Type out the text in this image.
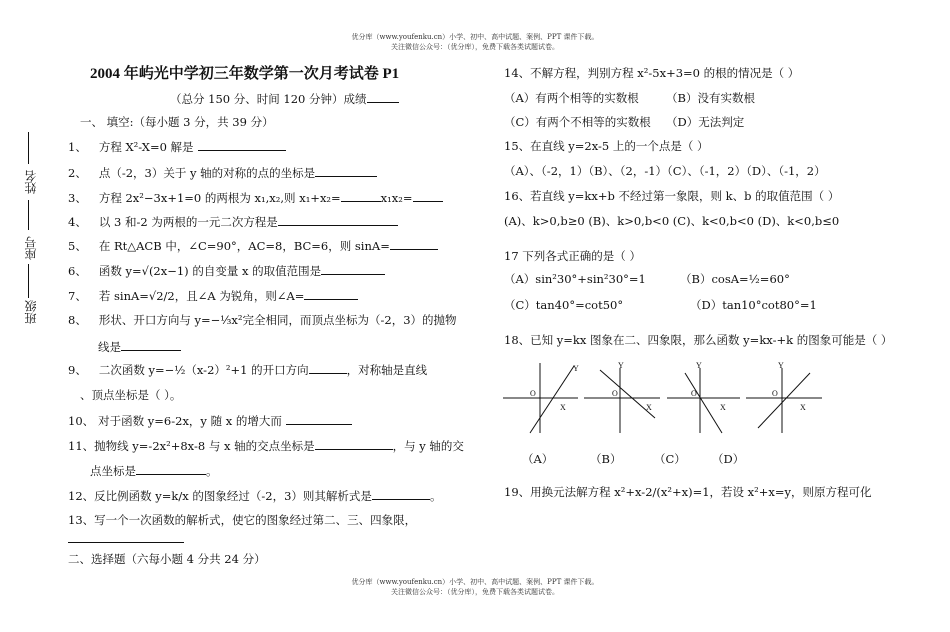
优分库（www.youfenku.cn）小学、初中、高中试题、案例、PPT 课件下载。
关注微信公众号：（优分库），免费下载各类试题试卷。
优分库（www.youfenku.cn）小学、初中、高中试题、案例、PPT 课件下载。
关注微信公众号：（优分库），免费下载各类试题试卷。
姓名
座号
班级
2004 年屿光中学初三年数学第一次月考试卷 P1
（总分 150 分、时间 120 分钟）成绩
一、 填空:（每小题 3 分，共 39 分）
1、 方程 X²-X=0 解是
2、 点（-2，3）关于 y 轴的对称的点的坐标是
3、 方程 2x²−3x+1=0 的两根为 x₁,x₂,则 x₁+x₂=	x₁x₂=
4、 以 3 和-2 为两根的一元二次方程是
5、 在 Rt△ACB 中，∠C=90°，AC=8，BC=6，则 sinA=
6、 函数 y=√(2x−1) 的自变量 x 的取值范围是
7、 若 sinA=√2/2，且∠A 为锐角，则∠A=
8、 形状、开口方向与 y=−⅓x²完全相同，而顶点坐标为（-2，3）的抛物
线是
9、 二次函数 y=−½（x-2）²+1 的开口方向	，对称轴是直线
、顶点坐标是（ ）。
10、 对于函数 y=6-2x，y 随 x 的增大而
11、抛物线 y=-2x²+8x-8 与 x 轴的交点坐标是	，与 y 轴的交
点坐标是	。
12、反比例函数 y=k/x 的图象经过（-2，3）则其解析式是	。
13、写一个一次函数的解析式，使它的图象经过第二、三、四象限，
二、选择题（六每小题 4 分共 24 分）
14、不解方程，判别方程 x²-5x+3=0 的根的情况是（ ）
（A）有两个相等的实数根 （B）没有实数根
（C）有两个不相等的实数根 （D）无法判定
15、在直线 y=2x-5 上的一个点是（ ）
（A）、（-2，1）（B）、（2，-1）（C）、（-1，2）（D）、（-1，2）
16、若直线 y=kx+b 不经过第一象限，则 k、b 的取值范围（ ）
(A)、k>0,b≥0 (B)、k>0,b<0 (C)、k<0,b<0 (D)、k<0,b≤0
17 下列各式正确的是（ ）
（A）sin²30°+sin²30°=1	（B）cosA=½=60°
（C）tan40°=cot50°	（D）tan10°cot80°=1
18、已知 y=kx 图象在二、四象限，那么函数 y=kx-+k 的图象可能是（ ）
Y
O
X
Y
O
X
Y
O
X
Y
O
X
（A）	（B）	（C） （D）
19、用换元法解方程 x²+x-2/(x²+x)=1，若设 x²+x=y，则原方程可化
